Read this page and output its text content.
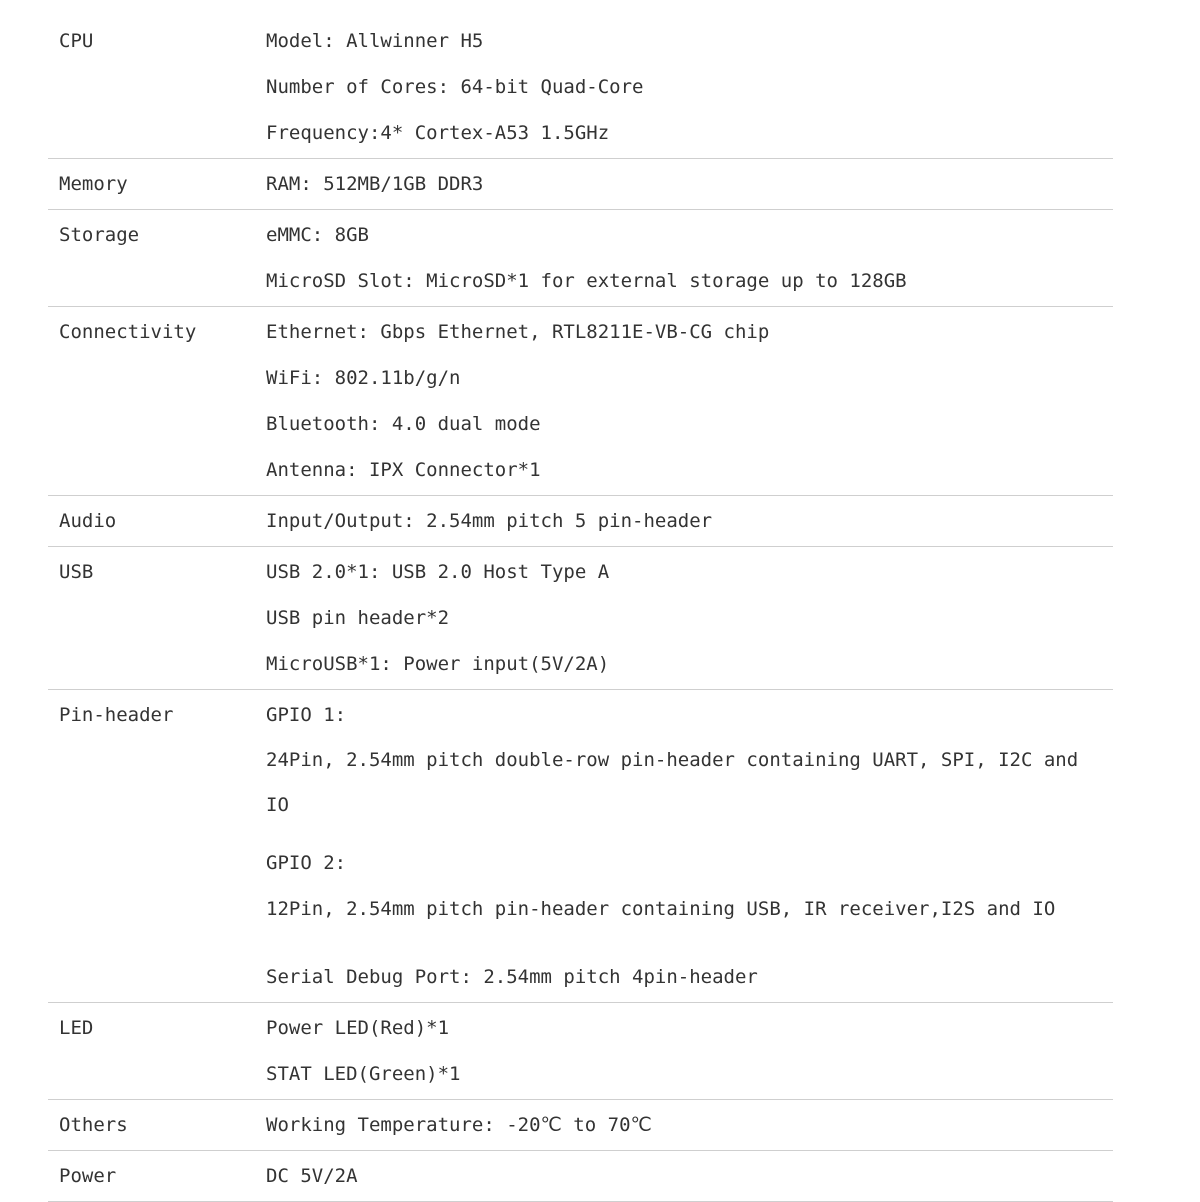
CPU	Model: Allwinner H5
Number of Cores: 64-bit Quad-Core
Frequency:4* Cortex-A53 1.5GHz
Memory	RAM: 512MB/1GB DDR3
Storage	eMMC: 8GB
MicroSD Slot: MicroSD*1 for external storage up to 128GB
Connectivity	Ethernet: Gbps Ethernet, RTL8211E-VB-CG chip
WiFi: 802.11b/g/n
Bluetooth: 4.0 dual mode
Antenna: IPX Connector*1
Audio	Input/Output: 2.54mm pitch 5 pin-header
USB	USB 2.0*1: USB 2.0 Host Type A
USB pin header*2
MicroUSB*1: Power input(5V/2A)
Pin-header	GPIO 1:
24Pin, 2.54mm pitch double-row pin-header containing UART, SPI, I2C and IO
GPIO 2:
12Pin, 2.54mm pitch pin-header containing USB, IR receiver,I2S and IO
Serial Debug Port: 2.54mm pitch 4pin-header
LED	Power LED(Red)*1
STAT LED(Green)*1
Others	Working Temperature: -20℃ to 70℃
Power	DC 5V/2A
